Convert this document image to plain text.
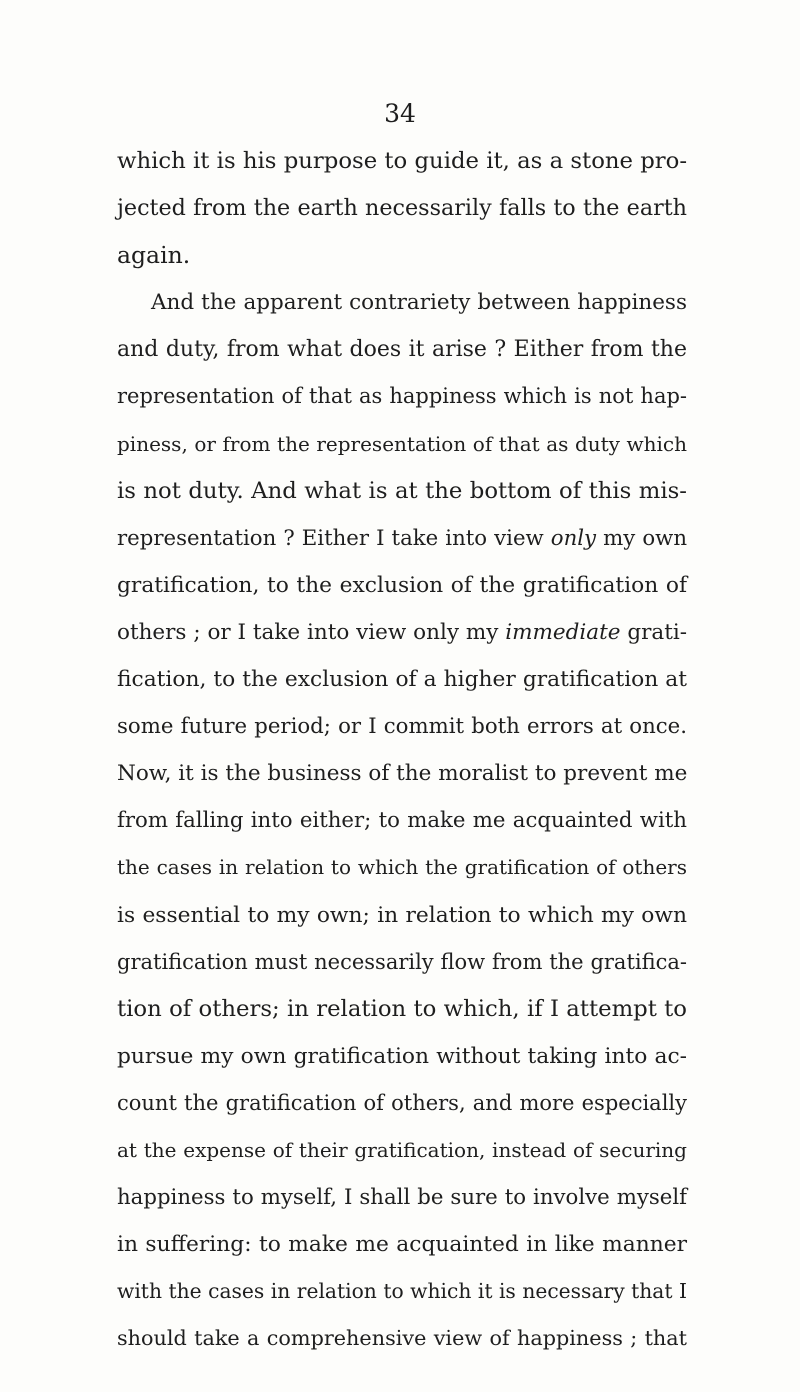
34
which it is his purpose to guide it, as a stone pro-
jected from the earth necessarily falls to the earth
again.
And the apparent contrariety between happiness
and duty, from what does it arise ? Either from the
representation of that as happiness which is not hap-
piness, or from the representation of that as duty which
is not duty. And what is at the bottom of this mis-
representation ? Either I take into view only my own
gratification, to the exclusion of the gratification of
others ; or I take into view only my immediate grati-
fication, to the exclusion of a higher gratification at
some future period; or I commit both errors at once.
Now, it is the business of the moralist to prevent me
from falling into either; to make me acquainted with
the cases in relation to which the gratification of others
is essential to my own; in relation to which my own
gratification must necessarily flow from the gratifica-
tion of others; in relation to which, if I attempt to
pursue my own gratification without taking into ac-
count the gratification of others, and more especially
at the expense of their gratification, instead of securing
happiness to myself, I shall be sure to involve myself
in suffering: to make me acquainted in like manner
with the cases in relation to which it is necessary that I
should take a comprehensive view of happiness ; that
